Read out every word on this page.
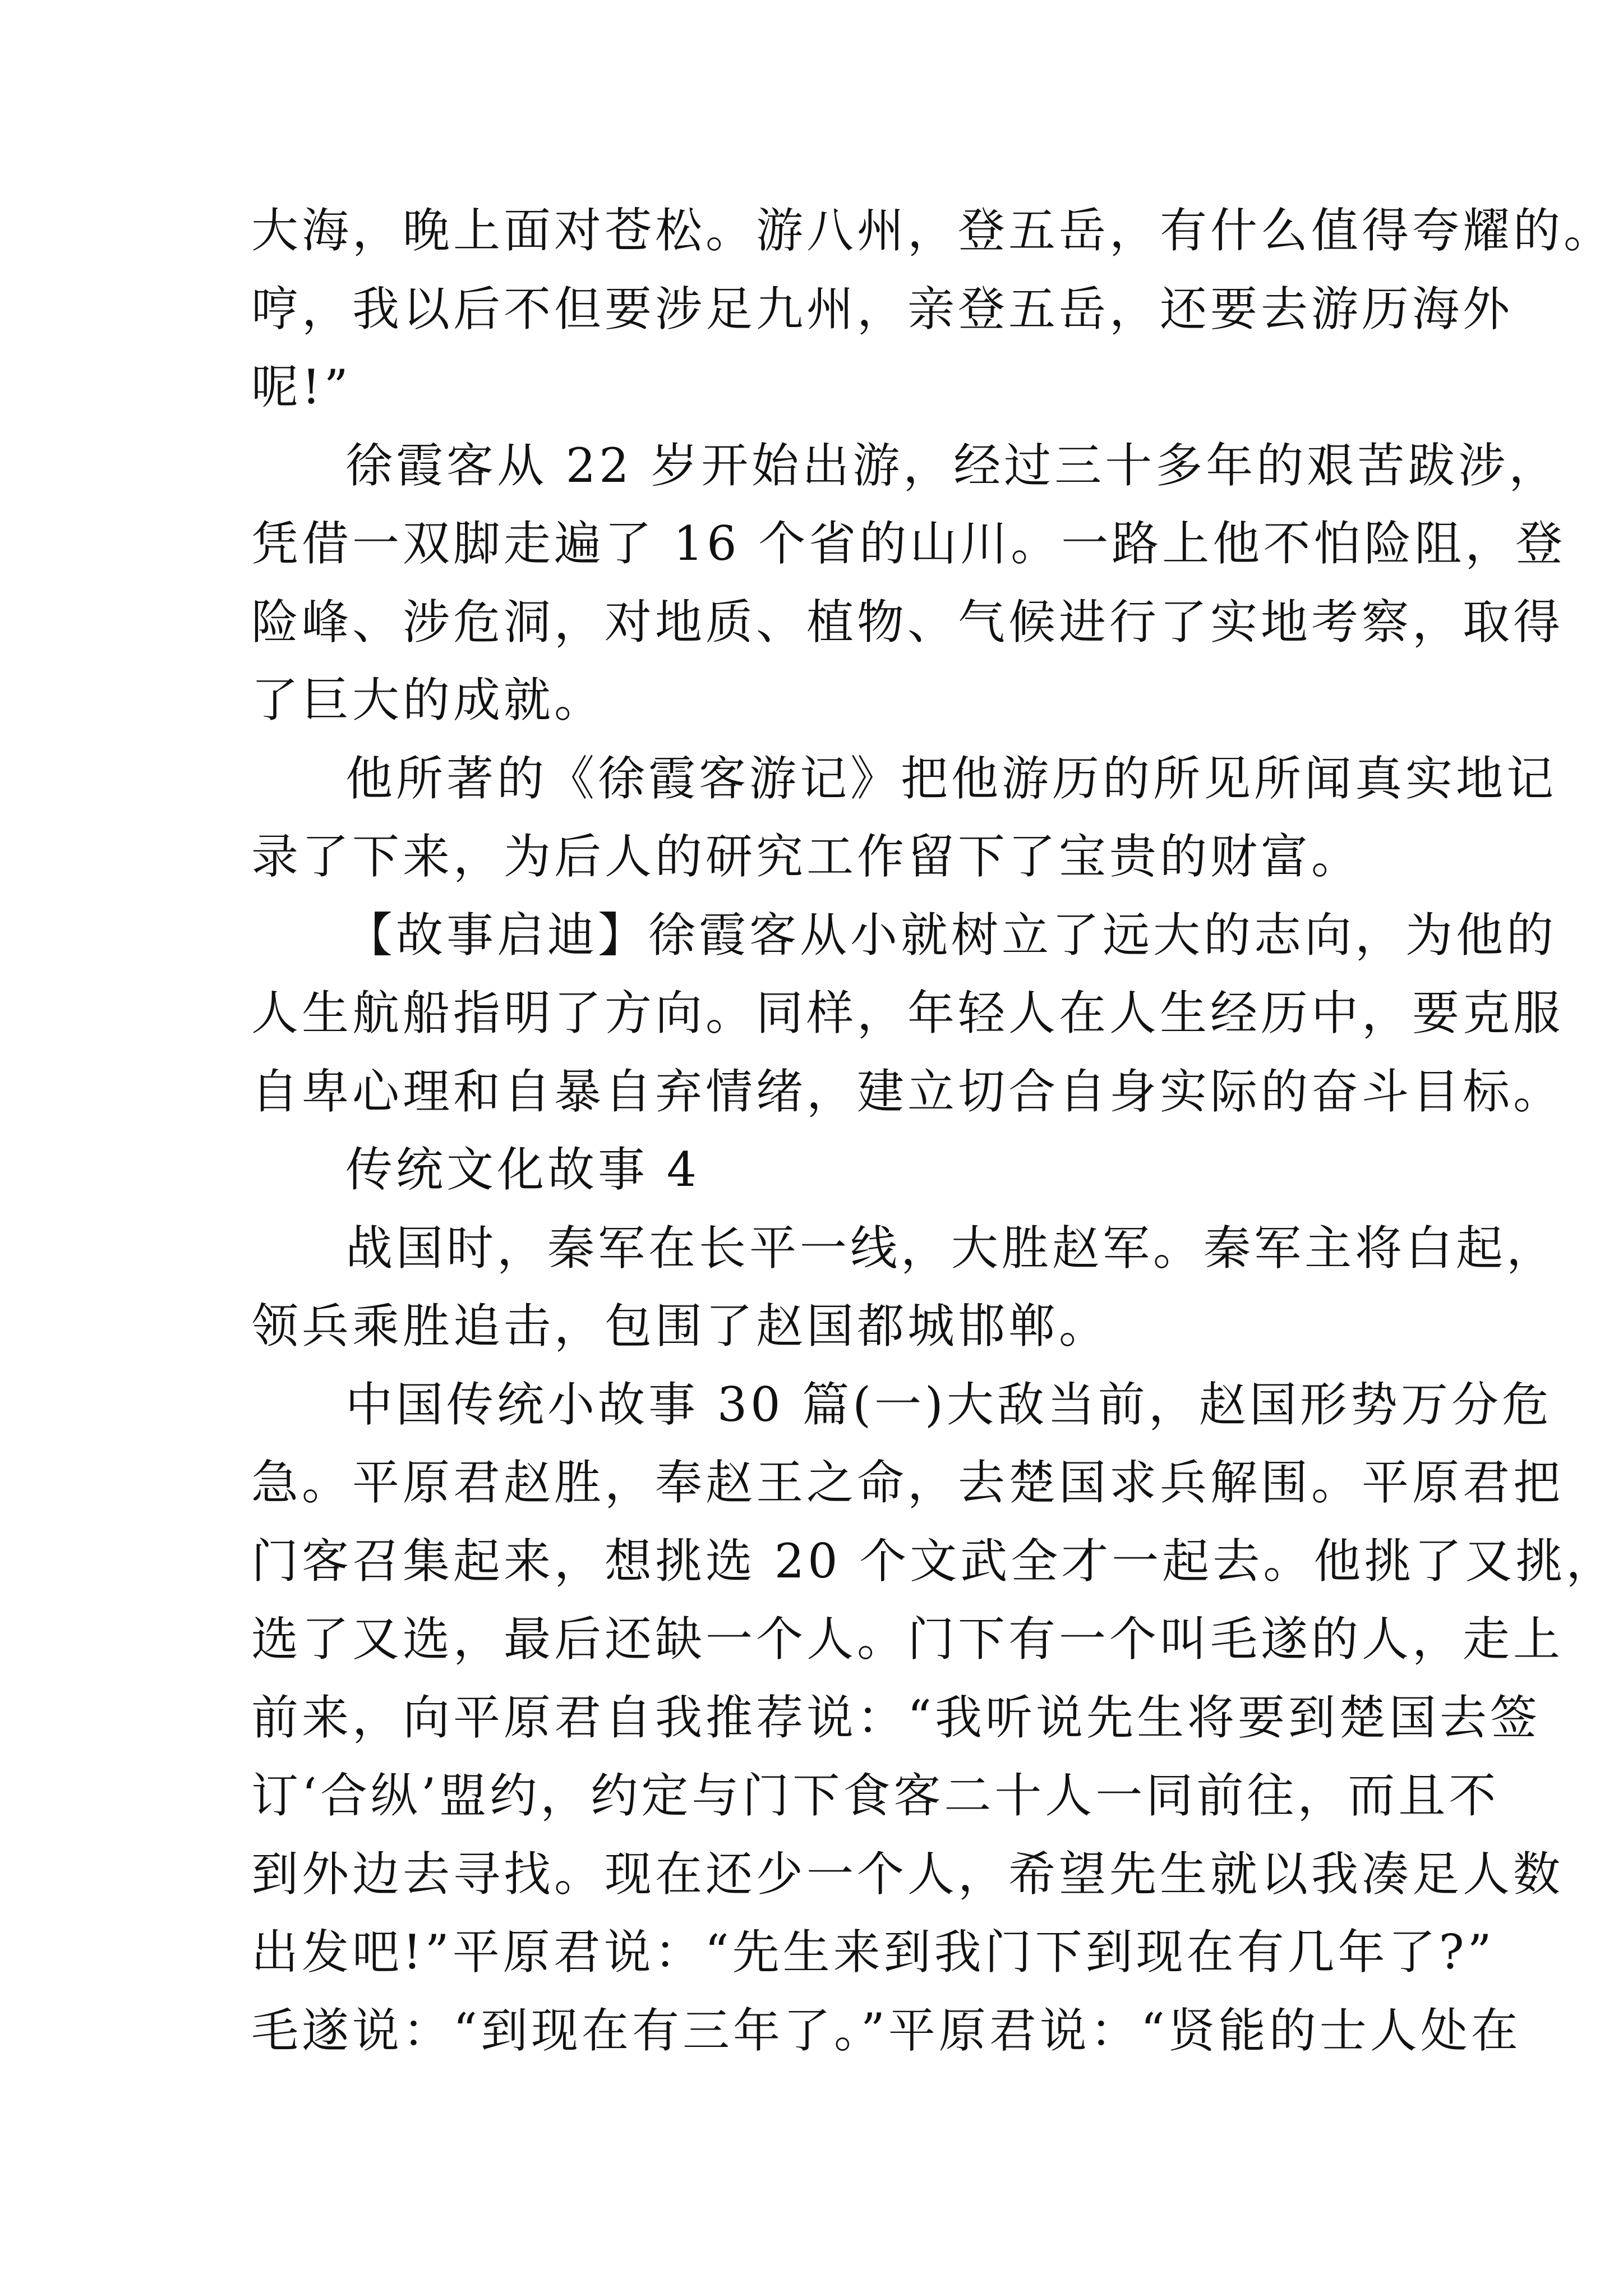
大海，晚上面对苍松。游八州，登五岳，有什么值得夸耀的。
哼，我以后不但要涉足九州，亲登五岳，还要去游历海外
呢!”
徐霞客从 22 岁开始出游，经过三十多年的艰苦跋涉，
凭借一双脚走遍了 16 个省的山川。一路上他不怕险阻，登
险峰、涉危洞，对地质、植物、气候进行了实地考察，取得
了巨大的成就。
他所著的《徐霞客游记》把他游历的所见所闻真实地记
录了下来，为后人的研究工作留下了宝贵的财富。
【故事启迪】徐霞客从小就树立了远大的志向，为他的
人生航船指明了方向。同样，年轻人在人生经历中，要克服
自卑心理和自暴自弃情绪，建立切合自身实际的奋斗目标。
传统文化故事 4
战国时，秦军在长平一线，大胜赵军。秦军主将白起，
领兵乘胜追击，包围了赵国都城邯郸。
中国传统小故事 30 篇(一)大敌当前，赵国形势万分危
急。平原君赵胜，奉赵王之命，去楚国求兵解围。平原君把
门客召集起来，想挑选 20 个文武全才一起去。他挑了又挑，
选了又选，最后还缺一个人。门下有一个叫毛遂的人，走上
前来，向平原君自我推荐说：“我听说先生将要到楚国去签
订‘合纵’盟约，约定与门下食客二十人一同前往，而且不
到外边去寻找。现在还少一个人，希望先生就以我凑足人数
出发吧!”平原君说：“先生来到我门下到现在有几年了?”
毛遂说：“到现在有三年了。”平原君说：“贤能的士人处在
